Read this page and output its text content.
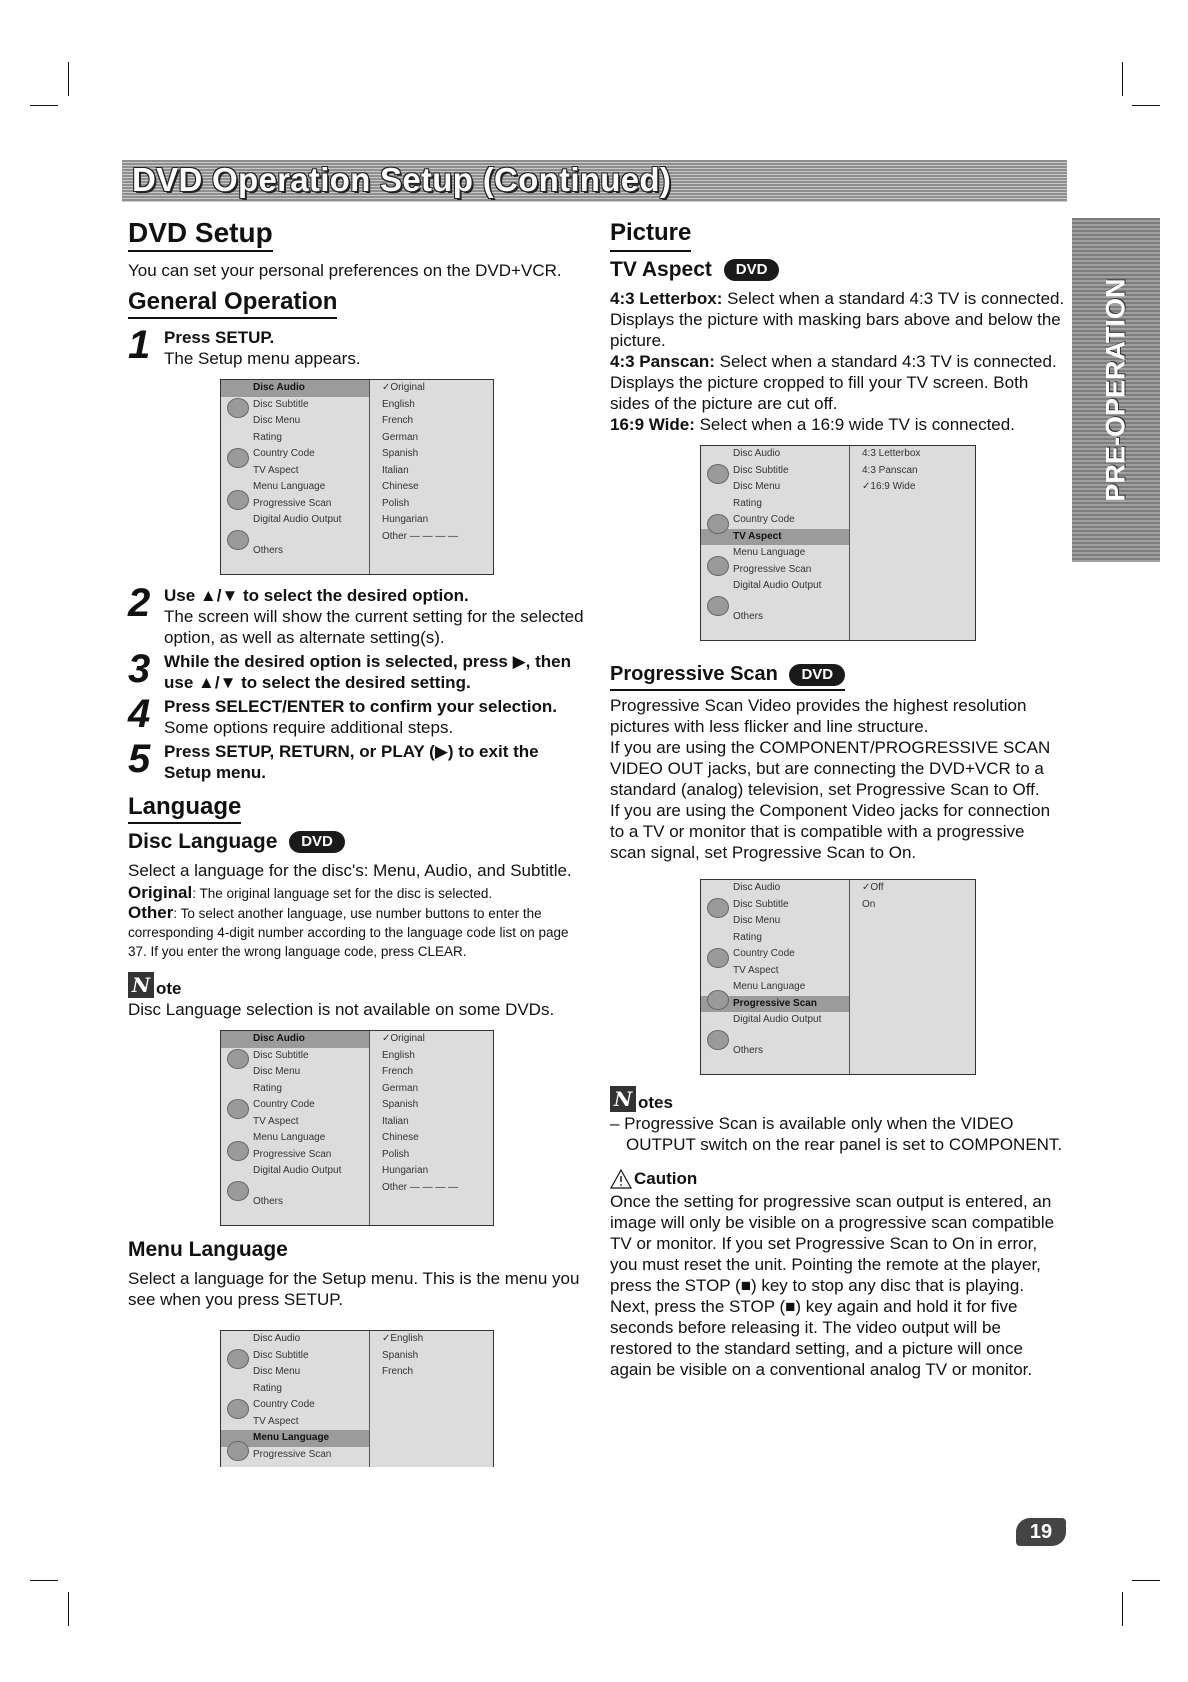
DVD Operation Setup (Continued)
PRE-OPERATION
DVD Setup

You can set your personal preferences on the DVD+VCR.

General Operation
1 Press SETUP.
The Setup menu appears.
Disc Audio
Disc Subtitle
Disc Menu
Rating
Country Code
TV Aspect
Menu Language
Progressive Scan
Digital Audio Output
Others
✓Original
English
French
German
Spanish
Italian
Chinese
Polish
Hungarian
Other — — — —
2 Use ▲/▼ to select the desired option.
The screen will show the current setting for the selected option, as well as alternate setting(s).
3 While the desired option is selected, press ▶, then use ▲/▼ to select the desired setting.
4 Press SELECT/ENTER to confirm your selection.
Some options require additional steps.
5 Press SETUP, RETURN, or PLAY (▶) to exit the Setup menu.
Language
Disc Language DVD

Select a language for the disc's: Menu, Audio, and Subtitle.

Original: The original language set for the disc is selected.

Other: To select another language, use number buttons to enter the corresponding 4-digit number according to the language code list on page 37. If you enter the wrong language code, press CLEAR.

N ote

Disc Language selection is not available on some DVDs.

Disc Audio
Disc Subtitle
Disc Menu
Rating
Country Code
TV Aspect
Menu Language
Progressive Scan
Digital Audio Output
Others
✓Original
English
French
German
Spanish
Italian
Chinese
Polish
Hungarian
Other — — — —
Menu Language

Select a language for the Setup menu. This is the menu you see when you press SETUP.

Disc Audio
Disc Subtitle
Disc Menu
Rating
Country Code
TV Aspect
Menu Language
Progressive Scan
✓English
Spanish
French
Picture
TV Aspect DVD

4:3 Letterbox: Select when a standard 4:3 TV is connected. Displays the picture with masking bars above and below the picture.

4:3 Panscan: Select when a standard 4:3 TV is connected. Displays the picture cropped to fill your TV screen. Both sides of the picture are cut off.

16:9 Wide: Select when a 16:9 wide TV is connected.

Disc Audio
Disc Subtitle
Disc Menu
Rating
Country Code
TV Aspect
Menu Language
Progressive Scan
Digital Audio Output
Others
4:3 Letterbox
4:3 Panscan
✓16:9 Wide
Progressive Scan DVD

Progressive Scan Video provides the highest resolution pictures with less flicker and line structure.

If you are using the COMPONENT/PROGRESSIVE SCAN VIDEO OUT jacks, but are connecting the DVD+VCR to a standard (analog) television, set Progressive Scan to Off.

If you are using the Component Video jacks for connection to a TV or monitor that is compatible with a progressive scan signal, set Progressive Scan to On.

Disc Audio
Disc Subtitle
Disc Menu
Rating
Country Code
TV Aspect
Menu Language
Progressive Scan
Digital Audio Output
Others
✓Off
On
N otes

– Progressive Scan is available only when the VIDEO OUTPUT switch on the rear panel is set to COMPONENT.

Caution

Once the setting for progressive scan output is entered, an image will only be visible on a progressive scan compatible TV or monitor. If you set Progressive Scan to On in error, you must reset the unit. Pointing the remote at the player, press the STOP (■) key to stop any disc that is playing. Next, press the STOP (■) key again and hold it for five seconds before releasing it. The video output will be restored to the standard setting, and a picture will once again be visible on a conventional analog TV or monitor.

19
